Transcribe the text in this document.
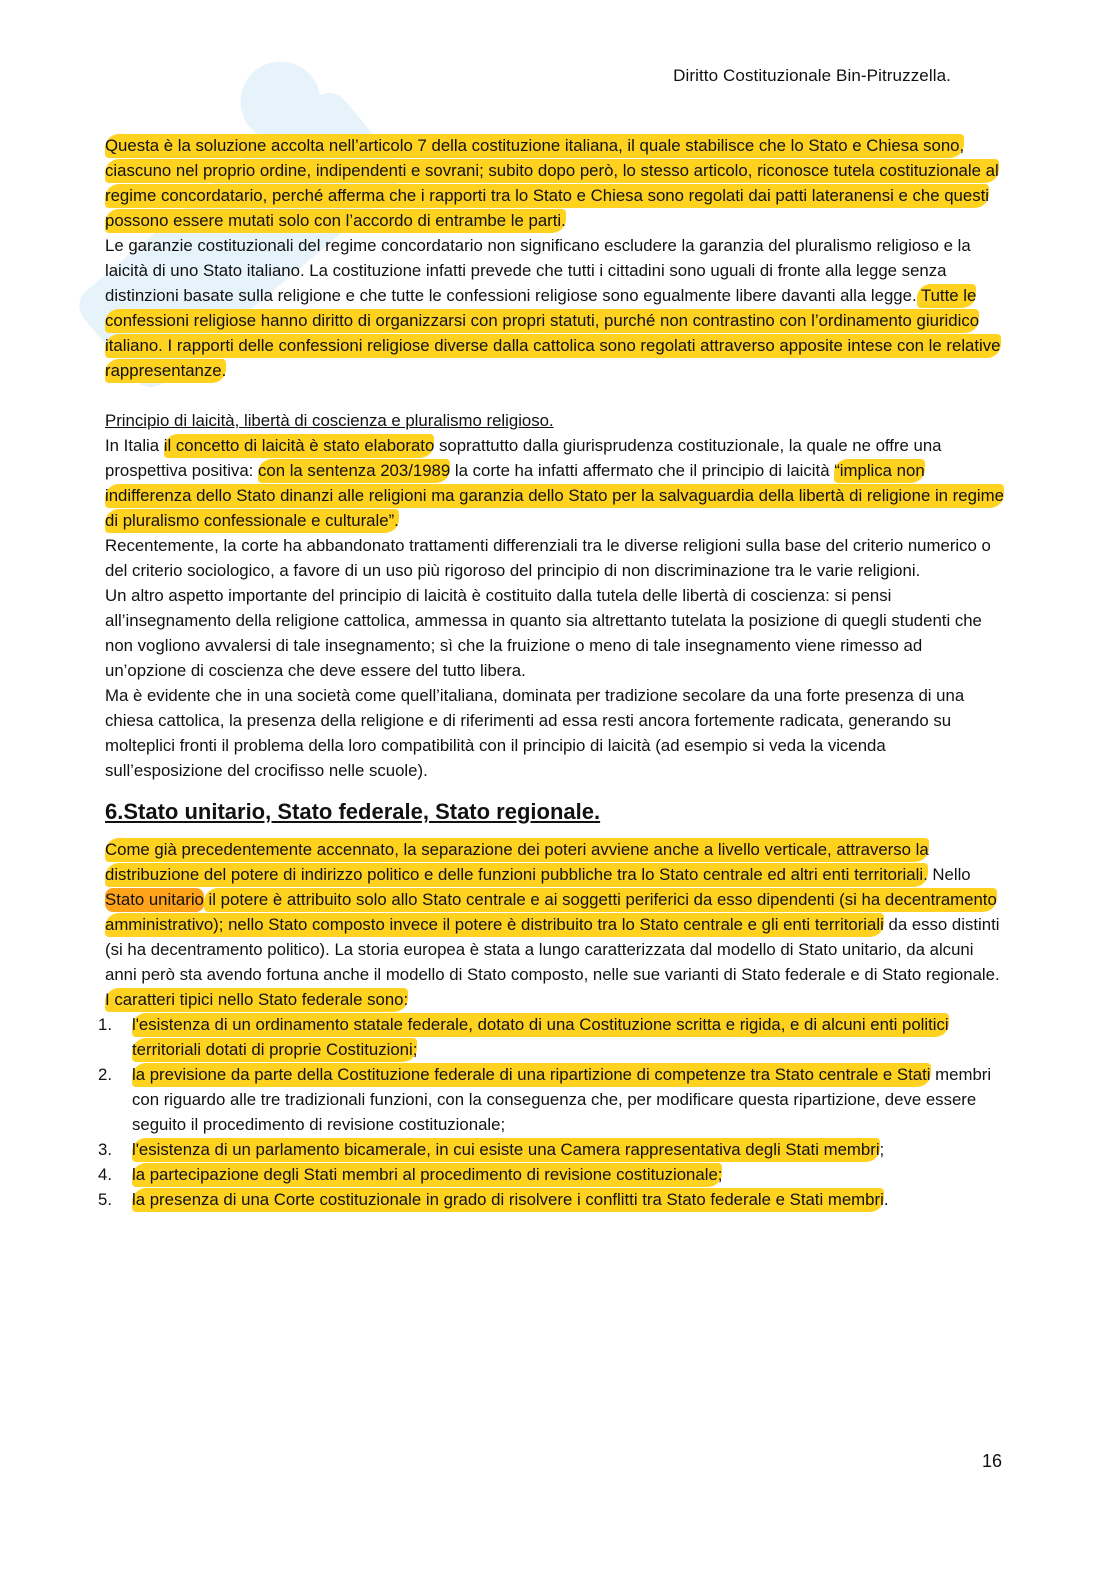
Diritto Costituzionale Bin-Pitruzzella.

Questa è la soluzione accolta nell’articolo 7 della costituzione italiana, il quale stabilisce che lo Stato e Chiesa sono, ciascuno nel proprio ordine, indipendenti e sovrani; subito dopo però, lo stesso articolo, riconosce tutela costituzionale al regime concordatario, perché afferma che i rapporti tra lo Stato e Chiesa sono regolati dai patti lateranensi e che questi possono essere mutati solo con l’accordo di entrambe le parti.

Le garanzie costituzionali del regime concordatario non significano escludere la garanzia del pluralismo religioso e la laicità di uno Stato italiano. La costituzione infatti prevede che tutti i cittadini sono uguali di fronte alla legge senza distinzioni basate sulla religione e che tutte le confessioni religiose sono egualmente libere davanti alla legge. Tutte le confessioni religiose hanno diritto di organizzarsi con propri statuti, purché non contrastino con l’ordinamento giuridico italiano. I rapporti delle confessioni religiose diverse dalla cattolica sono regolati attraverso apposite intese con le relative rappresentanze.

Principio di laicità, libertà di coscienza e pluralismo religioso.

In Italia il concetto di laicità è stato elaborato soprattutto dalla giurisprudenza costituzionale, la quale ne offre una prospettiva positiva: con la sentenza 203/1989 la corte ha infatti affermato che il principio di laicità “implica non indifferenza dello Stato dinanzi alle religioni ma garanzia dello Stato per la salvaguardia della libertà di religione in regime di pluralismo confessionale e culturale”.

Recentemente, la corte ha abbandonato trattamenti differenziali tra le diverse religioni sulla base del criterio numerico o del criterio sociologico, a favore di un uso più rigoroso del principio di non discriminazione tra le varie religioni.

Un altro aspetto importante del principio di laicità è costituito dalla tutela delle libertà di coscienza: si pensi all’insegnamento della religione cattolica, ammessa in quanto sia altrettanto tutelata la posizione di quegli studenti che non vogliono avvalersi di tale insegnamento; sì che la fruizione o meno di tale insegnamento viene rimesso ad un’opzione di coscienza che deve essere del tutto libera.

Ma è evidente che in una società come quell’italiana, dominata per tradizione secolare da una forte presenza di una chiesa cattolica, la presenza della religione e di riferimenti ad essa resti ancora fortemente radicata, generando su molteplici fronti il problema della loro compatibilità con il principio di laicità (ad esempio si veda la vicenda sull’esposizione del crocifisso nelle scuole).

6.Stato unitario, Stato federale, Stato regionale.

Come già precedentemente accennato, la separazione dei poteri avviene anche a livello verticale, attraverso la distribuzione del potere di indirizzo politico e delle funzioni pubbliche tra lo Stato centrale ed altri enti territoriali. Nello Stato unitario il potere è attribuito solo allo Stato centrale e ai soggetti periferici da esso dipendenti (si ha decentramento amministrativo); nello Stato composto invece il potere è distribuito tra lo Stato centrale e gli enti territoriali da esso distinti (si ha decentramento politico). La storia europea è stata a lungo caratterizzata dal modello di Stato unitario, da alcuni anni però sta avendo fortuna anche il modello di Stato composto, nelle sue varianti di Stato federale e di Stato regionale.

I caratteri tipici nello Stato federale sono:

1. l'esistenza di un ordinamento statale federale, dotato di una Costituzione scritta e rigida, e di alcuni enti politici territoriali dotati di proprie Costituzioni;
2. la previsione da parte della Costituzione federale di una ripartizione di competenze tra Stato centrale e Stati membri con riguardo alle tre tradizionali funzioni, con la conseguenza che, per modificare questa ripartizione, deve essere seguito il procedimento di revisione costituzionale;
3. l'esistenza di un parlamento bicamerale, in cui esiste una Camera rappresentativa degli Stati membri;
4. la partecipazione degli Stati membri al procedimento di revisione costituzionale;
5. la presenza di una Corte costituzionale in grado di risolvere i conflitti tra Stato federale e Stati membri.
16
